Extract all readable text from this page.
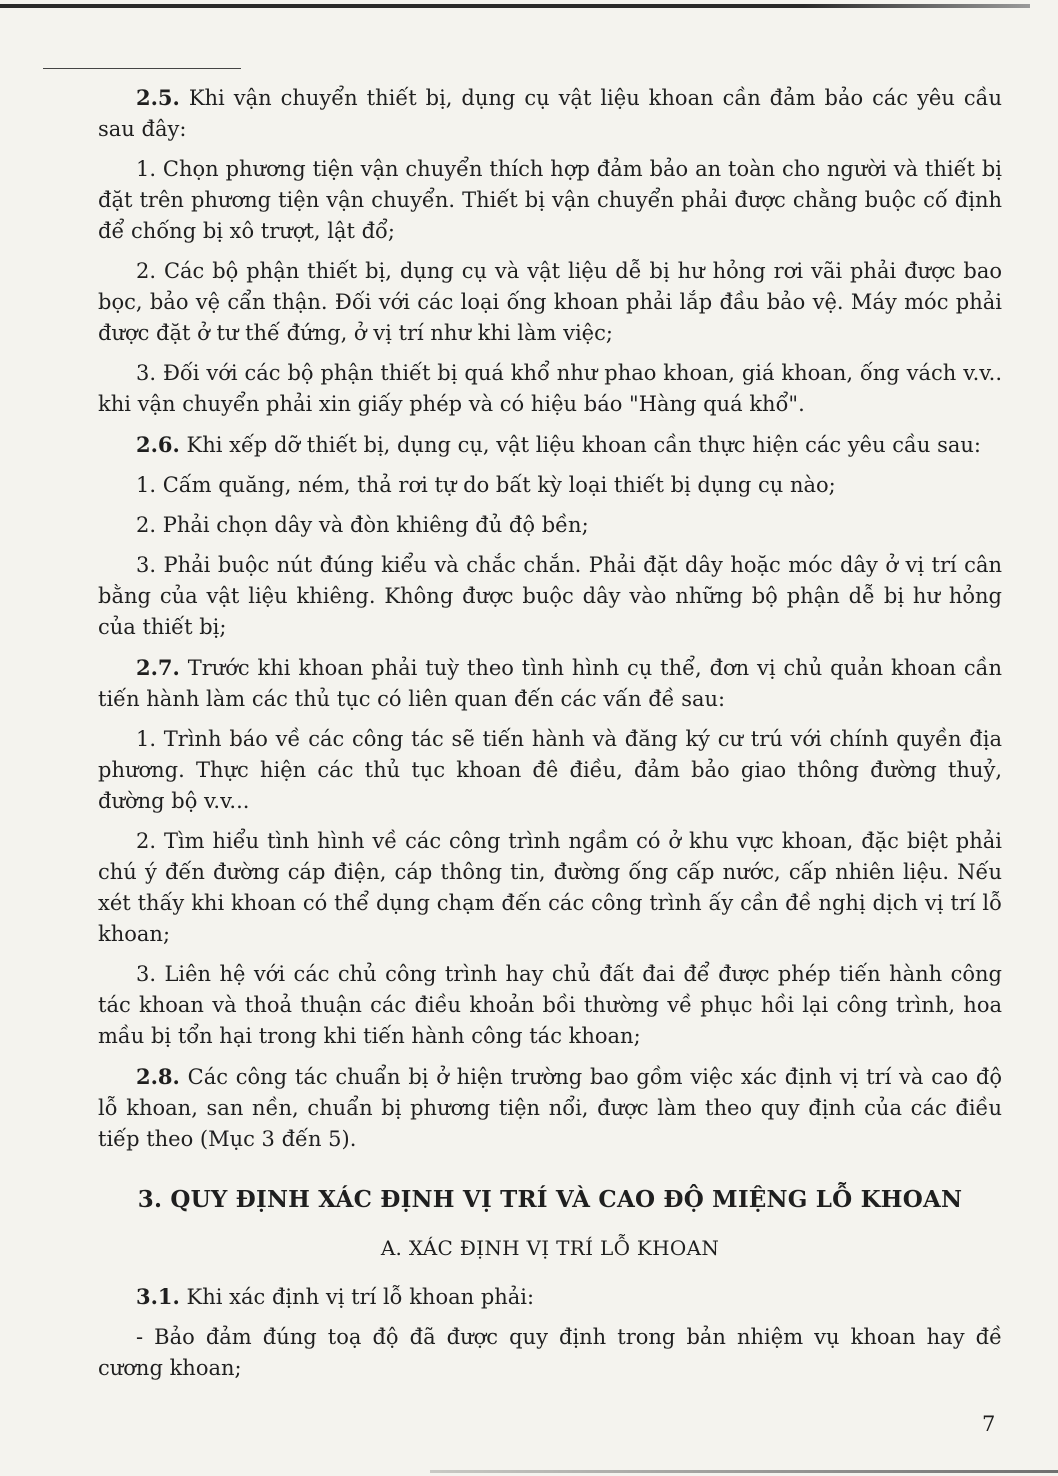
2.5. Khi vận chuyển thiết bị, dụng cụ vật liệu khoan cần đảm bảo các yêu cầu sau đây:

1. Chọn phương tiện vận chuyển thích hợp đảm bảo an toàn cho người và thiết bị đặt trên phương tiện vận chuyển. Thiết bị vận chuyển phải được chằng buộc cố định để chống bị xô trượt, lật đổ;

2. Các bộ phận thiết bị, dụng cụ và vật liệu dễ bị hư hỏng rơi vãi phải được bao bọc, bảo vệ cẩn thận. Đối với các loại ống khoan phải lắp đầu bảo vệ. Máy móc phải được đặt ở tư thế đứng, ở vị trí như khi làm việc;

3. Đối với các bộ phận thiết bị quá khổ như phao khoan, giá khoan, ống vách v.v.. khi vận chuyển phải xin giấy phép và có hiệu báo "Hàng quá khổ".

2.6. Khi xếp dỡ thiết bị, dụng cụ, vật liệu khoan cần thực hiện các yêu cầu sau:

1. Cấm quăng, ném, thả rơi tự do bất kỳ loại thiết bị dụng cụ nào;

2. Phải chọn dây và đòn khiêng đủ độ bền;

3. Phải buộc nút đúng kiểu và chắc chắn. Phải đặt dây hoặc móc dây ở vị trí cân bằng của vật liệu khiêng. Không được buộc dây vào những bộ phận dễ bị hư hỏng của thiết bị;

2.7. Trước khi khoan phải tuỳ theo tình hình cụ thể, đơn vị chủ quản khoan cần tiến hành làm các thủ tục có liên quan đến các vấn đề sau:

1. Trình báo về các công tác sẽ tiến hành và đăng ký cư trú với chính quyền địa phương. Thực hiện các thủ tục khoan đê điều, đảm bảo giao thông đường thuỷ, đường bộ v.v...

2. Tìm hiểu tình hình về các công trình ngầm có ở khu vực khoan, đặc biệt phải chú ý đến đường cáp điện, cáp thông tin, đường ống cấp nước, cấp nhiên liệu. Nếu xét thấy khi khoan có thể dụng chạm đến các công trình ấy cần đề nghị dịch vị trí lỗ khoan;

3. Liên hệ với các chủ công trình hay chủ đất đai để được phép tiến hành công tác khoan và thoả thuận các điều khoản bồi thường về phục hồi lại công trình, hoa mầu bị tổn hại trong khi tiến hành công tác khoan;

2.8. Các công tác chuẩn bị ở hiện trường bao gồm việc xác định vị trí và cao độ lỗ khoan, san nền, chuẩn bị phương tiện nổi, được làm theo quy định của các điều tiếp theo (Mục 3 đến 5).

3. QUY ĐỊNH XÁC ĐỊNH VỊ TRÍ VÀ CAO ĐỘ MIỆNG LỖ KHOAN
A. XÁC ĐỊNH VỊ TRÍ LỖ KHOAN

3.1. Khi xác định vị trí lỗ khoan phải:

- Bảo đảm đúng toạ độ đã được quy định trong bản nhiệm vụ khoan hay đề cương khoan;

7
